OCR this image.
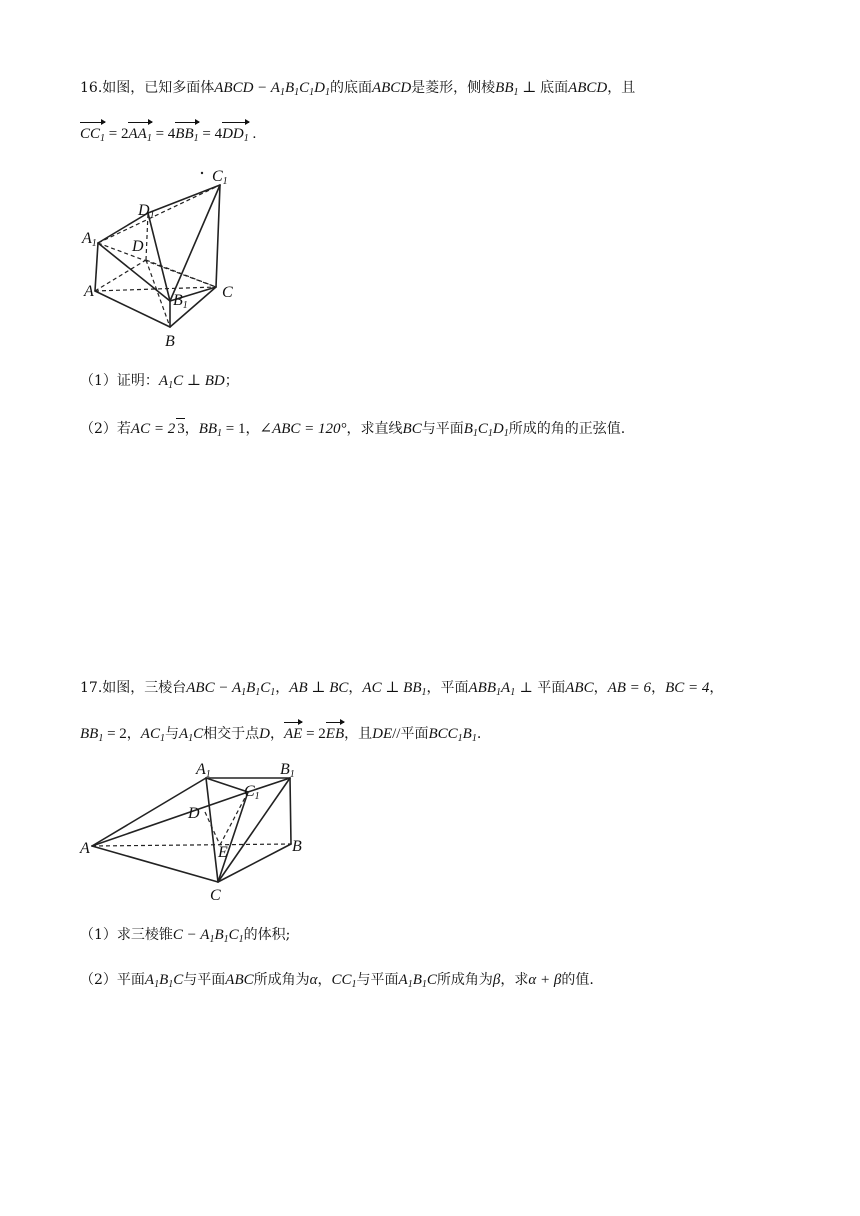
16.如图，已知多面体ABCD − $A_1B_1C_1D_1$的底面ABCD是菱形，侧棱$BB_1$ ⊥ 底面ABCD，且
$CC_1 = 2AA_1 = 4BB_1 = 4DD_1$ .
C1
D1
A1 D
A
B1
C
B
（1）证明：$A_1C$ ⊥ BD；
（2）若AC = 2 3，$BB_1 = 1$，∠ABC = 120°，求直线BC与平面$B_1C_1D_1$所成的角的正弦值.
17.如图，三棱台ABC − $A_1B_1C_1$，AB ⊥ BC，AC ⊥ $BB_1$，平面$ABB_1A_1$ ⊥ 平面ABC，AB = 6，BC = 4，
$BB_1 = 2$，$AC_1$与$A_1C$相交于点D，AE = 2EB，且DE//平面$BCC_1B_1$.
A1	B1
C1
D
A	E	B
C
（1）求三棱锥$C - A_1B_1C_1$的体积;
（2）平面$A_1B_1C$与平面ABC所成角为α，$CC_1$与平面$A_1B_1C$所成角为β，求α + β的值.
